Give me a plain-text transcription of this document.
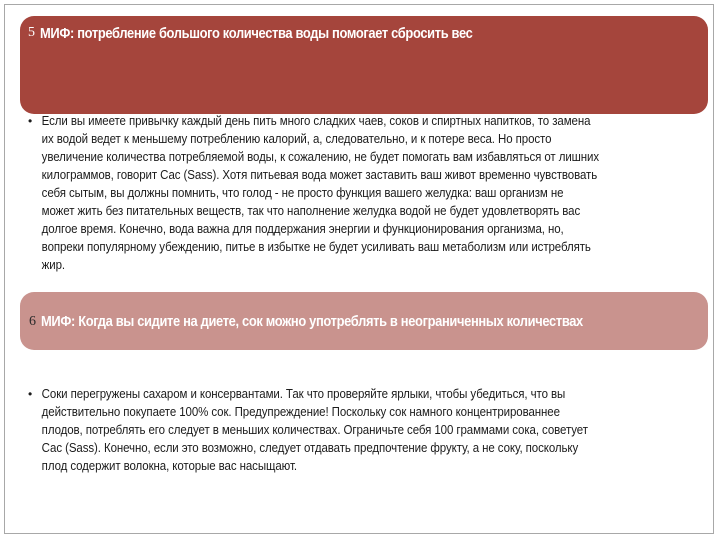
5 МИФ: потребление большого количества воды помогает сбросить вес
• Если вы имеете привычку каждый день пить много сладких чаев, соков и спиртных напитков, то замена
их водой ведет к меньшему потреблению калорий, а, следовательно, и к потере веса. Но просто
увеличение количества потребляемой воды, к сожалению, не будет помогать вам избавляться от лишних
килограммов, говорит Сас (Sass). Хотя питьевая вода может заставить ваш живот временно чувствовать
себя сытым, вы должны помнить, что голод - не просто функция вашего желудка: ваш организм не
может жить без питательных веществ, так что наполнение желудка водой не будет удовлетворять вас
долгое время. Конечно, вода важна для поддержания энергии и функционирования организма, но,
вопреки популярному убеждению, питье в избытке не будет усиливать ваш метаболизм или истреблять
жир.
6 МИФ: Когда вы сидите на диете, сок можно употреблять в неограниченных количествах
• Соки перегружены сахаром и консервантами. Так что проверяйте ярлыки, чтобы убедиться, что вы
действительно покупаете 100% сок. Предупреждение! Поскольку сок намного концентрированнее
плодов, потреблять его следует в меньших количествах. Ограничьте себя 100 граммами сока, советует
Сас (Sass). Конечно, если это возможно, следует отдавать предпочтение фрукту, а не соку, поскольку
плод содержит волокна, которые вас насыщают.
